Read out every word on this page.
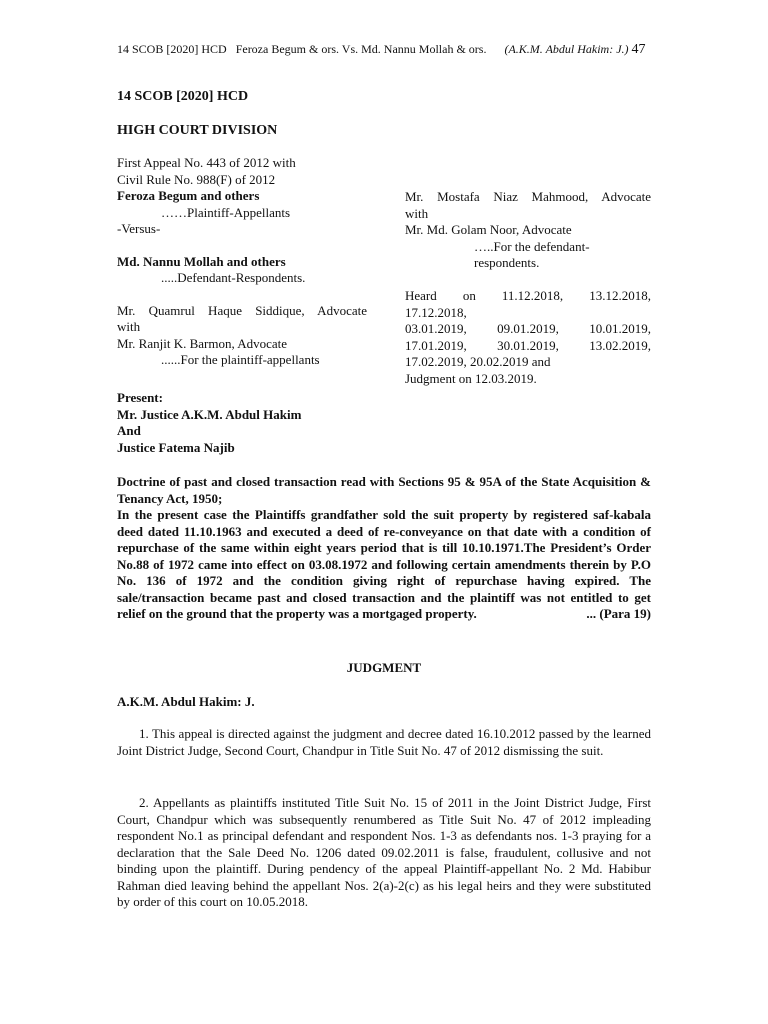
14 SCOB [2020] HCD Feroza Begum & ors. Vs. Md. Nannu Mollah & ors. (A.K.M. Abdul Hakim: J.) 47
14 SCOB [2020] HCD
HIGH COURT DIVISION
First Appeal No. 443 of 2012 with
Civil Rule No. 988(F) of 2012
Feroza Begum and others
……Plaintiff-Appellants
-Versus-
Md. Nannu Mollah and others
.....Defendant-Respondents.
Mr. Quamrul Haque Siddique, Advocate
with
Mr. Ranjit K. Barmon, Advocate
......For the plaintiff-appellants
Mr. Mostafa Niaz Mahmood, Advocate
with
Mr. Md. Golam Noor, Advocate
…..For the defendant-respondents.
Heard on 11.12.2018, 13.12.2018,
17.12.2018,
03.01.2019, 09.01.2019, 10.01.2019,
17.01.2019, 30.01.2019, 13.02.2019,
17.02.2019, 20.02.2019 and
Judgment on 12.03.2019.
Present:
Mr. Justice A.K.M. Abdul Hakim
And
Justice Fatema Najib
Doctrine of past and closed transaction read with Sections 95 & 95A of the State Acquisition & Tenancy Act, 1950;
In the present case the Plaintiffs grandfather sold the suit property by registered saf-kabala deed dated 11.10.1963 and executed a deed of re-conveyance on that date with a condition of repurchase of the same within eight years period that is till 10.10.1971.The President’s Order No.88 of 1972 came into effect on 03.08.1972 and following certain amendments therein by P.O No. 136 of 1972 and the condition giving right of repurchase having expired. The sale/transaction became past and closed transaction and the plaintiff was not entitled to get relief on the ground that the property was a mortgaged property.	... (Para 19)
JUDGMENT
A.K.M. Abdul Hakim: J.
1. This appeal is directed against the judgment and decree dated 16.10.2012 passed by the learned Joint District Judge, Second Court, Chandpur in Title Suit No. 47 of 2012 dismissing the suit.
2. Appellants as plaintiffs instituted Title Suit No. 15 of 2011 in the Joint District Judge, First Court, Chandpur which was subsequently renumbered as Title Suit No. 47 of 2012 impleading respondent No.1 as principal defendant and respondent Nos. 1-3 as defendants nos. 1-3 praying for a declaration that the Sale Deed No. 1206 dated 09.02.2011 is false, fraudulent, collusive and not binding upon the plaintiff. During pendency of the appeal Plaintiff-appellant No. 2 Md. Habibur Rahman died leaving behind the appellant Nos. 2(a)-2(c) as his legal heirs and they were substituted by order of this court on 10.05.2018.
